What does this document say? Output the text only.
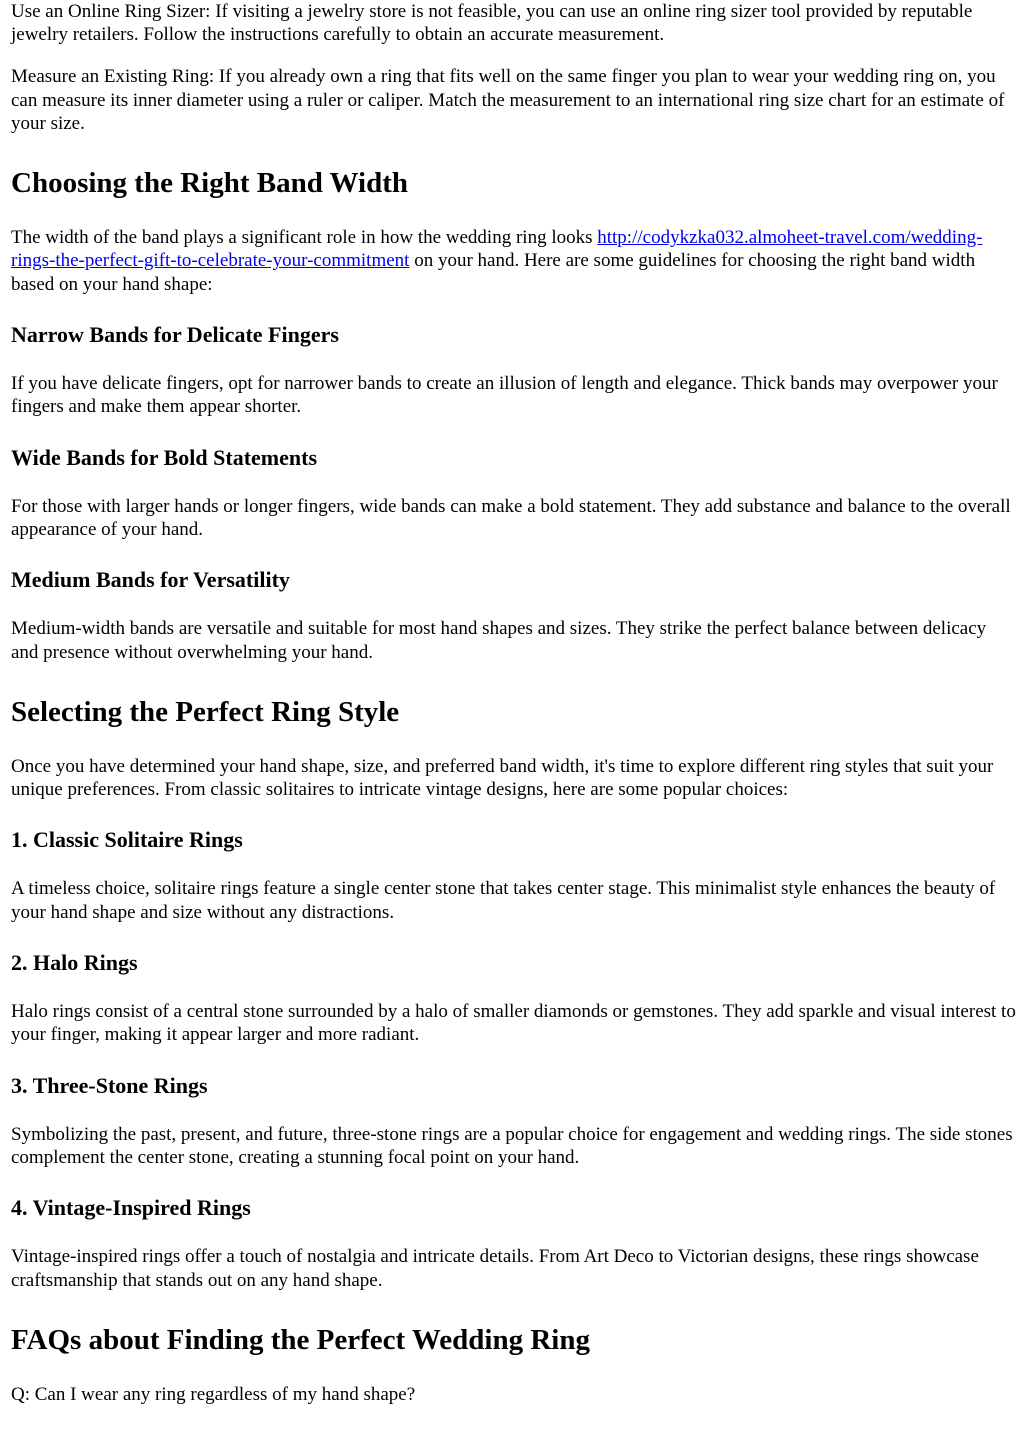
Use an Online Ring Sizer: If visiting a jewelry store is not feasible, you can use an online ring sizer tool provided by reputable jewelry retailers. Follow the instructions carefully to obtain an accurate measurement.

Measure an Existing Ring: If you already own a ring that fits well on the same finger you plan to wear your wedding ring on, you can measure its inner diameter using a ruler or caliper. Match the measurement to an international ring size chart for an estimate of your size.

Choosing the Right Band Width

The width of the band plays a significant role in how the wedding ring looks http://codykzka032.almoheet-travel.com/wedding-rings-the-perfect-gift-to-celebrate-your-commitment on your hand. Here are some guidelines for choosing the right band width based on your hand shape:

Narrow Bands for Delicate Fingers

If you have delicate fingers, opt for narrower bands to create an illusion of length and elegance. Thick bands may overpower your fingers and make them appear shorter.

Wide Bands for Bold Statements

For those with larger hands or longer fingers, wide bands can make a bold statement. They add substance and balance to the overall appearance of your hand.

Medium Bands for Versatility

Medium-width bands are versatile and suitable for most hand shapes and sizes. They strike the perfect balance between delicacy and presence without overwhelming your hand.

Selecting the Perfect Ring Style

Once you have determined your hand shape, size, and preferred band width, it's time to explore different ring styles that suit your unique preferences. From classic solitaires to intricate vintage designs, here are some popular choices:

1. Classic Solitaire Rings

A timeless choice, solitaire rings feature a single center stone that takes center stage. This minimalist style enhances the beauty of your hand shape and size without any distractions.

2. Halo Rings

Halo rings consist of a central stone surrounded by a halo of smaller diamonds or gemstones. They add sparkle and visual interest to your finger, making it appear larger and more radiant.

3. Three-Stone Rings

Symbolizing the past, present, and future, three-stone rings are a popular choice for engagement and wedding rings. The side stones complement the center stone, creating a stunning focal point on your hand.

4. Vintage-Inspired Rings

Vintage-inspired rings offer a touch of nostalgia and intricate details. From Art Deco to Victorian designs, these rings showcase craftsmanship that stands out on any hand shape.

FAQs about Finding the Perfect Wedding Ring

Q: Can I wear any ring regardless of my hand shape?
